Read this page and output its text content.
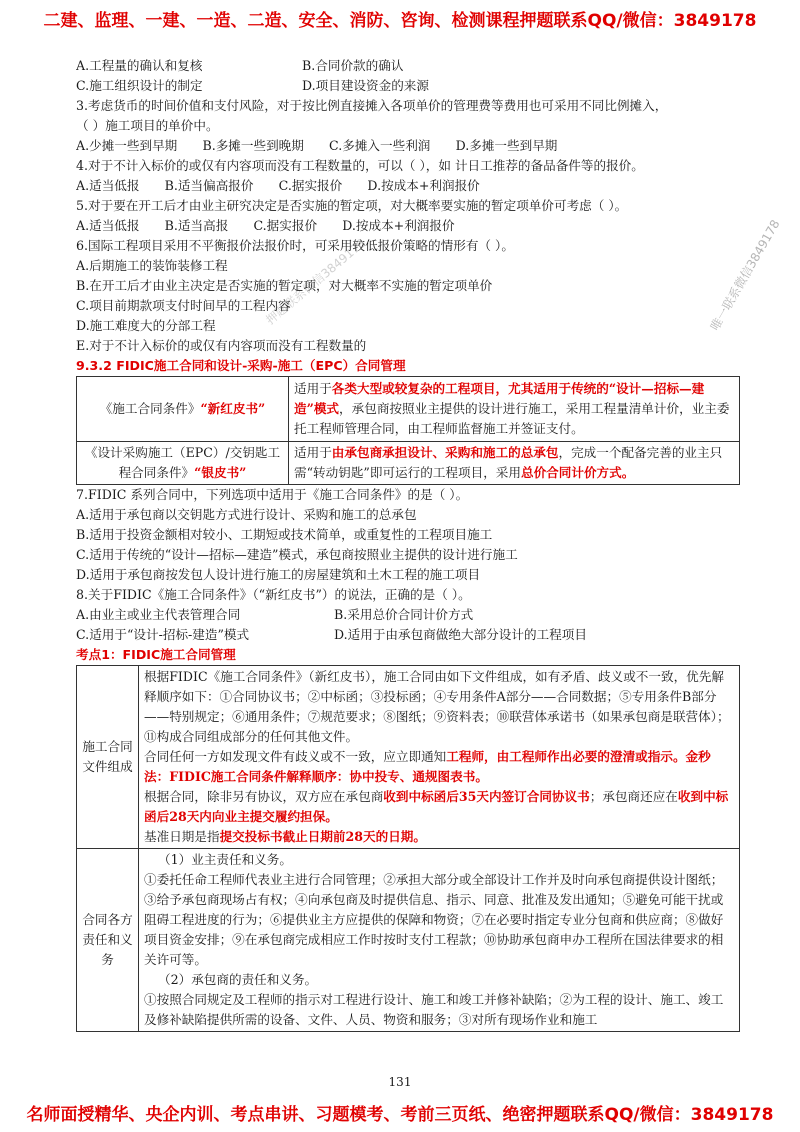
二建、监理、一建、一造、二造、安全、消防、咨询、检测课程押题联系QQ/微信：3849178
押题联系微信3849178	唯一联系微信3849178
A.工程量的确认和复核	B.合同价款的确认
C.施工组织设计的制定	D.项目建设资金的来源
3.考虑货币的时间价值和支付风险，对于按比例直接摊入各项单价的管理费等费用也可采用不同比例摊入，
（ ）施工项目的单价中。
A.少摊一些到早期　　B.多摊一些到晚期　　C.多摊入一些利润　　D.多摊一些到早期
4.对于不计入标价的或仅有内容项而没有工程数量的，可以（ ），如 计日工推荐的备品备件等的报价。
A.适当低报　　B.适当偏高报价　　C.据实报价　　D.按成本+利润报价
5.对于要在开工后才由业主研究决定是否实施的暂定项，对大概率要实施的暂定项单价可考虑（ ）。
A.适当低报　　B.适当高报　　C.据实报价　　D.按成本+利润报价
6.国际工程项目采用不平衡报价法报价时，可采用较低报价策略的情形有（ ）。
A.后期施工的装饰装修工程
B.在开工后才由业主决定是否实施的暂定项，对大概率不实施的暂定项单价
C.项目前期款项支付时间早的工程内容
D.施工难度大的分部工程
E.对于不计入标价的或仅有内容项而没有工程数量的
9.3.2 FIDIC施工合同和设计-采购-施工（EPC）合同管理
《施工合同条件》“新红皮书”	适用于各类大型或较复杂的工程项目，尤其适用于传统的“设计—招标—建造”模式，承包商按照业主提供的设计进行施工，采用工程量清单计价，业主委托工程师管理合同，由工程师监督施工并签证支付。
《设计采购施工（EPC）/交钥匙工程合同条件》“银皮书”	适用于由承包商承担设计、采购和施工的总承包，完成一个配备完善的业主只需“转动钥匙”即可运行的工程项目，采用总价合同计价方式。
7.FIDIC 系列合同中，下列选项中适用于《施工合同条件》的是（ ）。
A.适用于承包商以交钥匙方式进行设计、采购和施工的总承包
B.适用于投资金额相对较小、工期短或技术简单，或重复性的工程项目施工
C.适用于传统的“设计—招标—建造”模式，承包商按照业主提供的设计进行施工
D.适用于承包商按发包人设计进行施工的房屋建筑和土木工程的施工项目
8.关于FIDIC《施工合同条件》（“新红皮书”）的说法，正确的是（ ）。
A.由业主或业主代表管理合同	B.采用总价合同计价方式
C.适用于“设计-招标-建造”模式	D.适用于由承包商做绝大部分设计的工程项目
考点1：FIDIC施工合同管理
施工合同文件组成	根据FIDIC《施工合同条件》（新红皮书），施工合同由如下文件组成，如有矛盾、歧义或不一致，优先解释顺序如下：①合同协议书；②中标函；③投标函；④专用条件A部分——合同数据；⑤专用条件B部分——特别规定；⑥通用条件；⑦规范要求；⑧图纸；⑨资料表；⑩联营体承诺书（如果承包商是联营体）；⑪构成合同组成部分的任何其他文件。
合同任何一方如发现文件有歧义或不一致，应立即通知工程师，由工程师作出必要的澄清或指示。金秒法：FIDIC施工合同条件解释顺序：协中投专、通规图表书。
根据合同，除非另有协议，双方应在承包商收到中标函后35天内签订合同协议书；承包商还应在收到中标函后28天内向业主提交履约担保。
基准日期是指提交投标书截止日期前28天的日期。

合同各方责任和义务	（1）业主责任和义务。
①委托任命工程师代表业主进行合同管理；②承担大部分或全部设计工作并及时向承包商提供设计图纸；③给予承包商现场占有权；④向承包商及时提供信息、指示、同意、批准及发出通知；⑤避免可能干扰或阻碍工程进度的行为；⑥提供业主方应提供的保障和物资；⑦在必要时指定专业分包商和供应商；⑧做好项目资金安排；⑨在承包商完成相应工作时按时支付工程款；⑩协助承包商申办工程所在国法律要求的相关许可等。
（2）承包商的责任和义务。
①按照合同规定及工程师的指示对工程进行设计、施工和竣工并修补缺陷；②为工程的设计、施工、竣工及修补缺陷提供所需的设备、文件、人员、物资和服务；③对所有现场作业和施工
131
名师面授精华、央企内训、考点串讲、习题模考、考前三页纸、绝密押题联系QQ/微信：3849178
